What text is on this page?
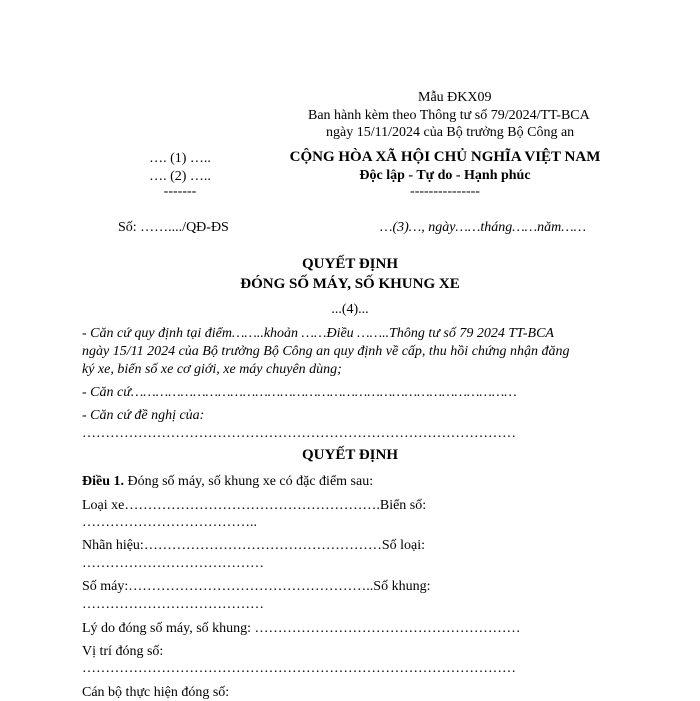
Mẫu ĐKX09
Ban hành kèm theo Thông tư số 79/2024/TT-BCA
ngày 15/11/2024 của Bộ trưởng Bộ Công an
…. (1) …..
…. (2) …..
-------
CỘNG HÒA XÃ HỘI CHỦ NGHĨA VIỆT NAM
Độc lập - Tự do - Hạnh phúc
---------------
Số: ……..../QĐ-ĐS	…(3)…, ngày……tháng……năm……
QUYẾT ĐỊNH
ĐÓNG SỐ MÁY, SỐ KHUNG XE
...(4)...
- Căn cứ quy định tại điểm……..khoản ……Điều ……..Thông tư số 79 2024 TT-BCA
ngày 15/11 2024 của Bộ trưởng Bộ Công an quy định về cấp, thu hồi chứng nhận đăng
ký xe, biển số xe cơ giới, xe máy chuyên dùng;
- Căn cứ…………………………………………………………………………………
- Căn cứ đề nghị của:
…………………………………………………………………………………
QUYẾT ĐỊNH
Điều 1. Đóng số máy, số khung xe có đặc điểm sau:
Loại xe……………………………………………….Biển số:
………………………………..
Nhãn hiệu:……………………………………………Số loại:
…………………………………
Số máy:……………………………………………..Số khung:
…………………………………
Lý do đóng số máy, số khung: …………………………………………………
Vị trí đóng số:
…………………………………………………………………………………
Cán bộ thực hiện đóng số:
